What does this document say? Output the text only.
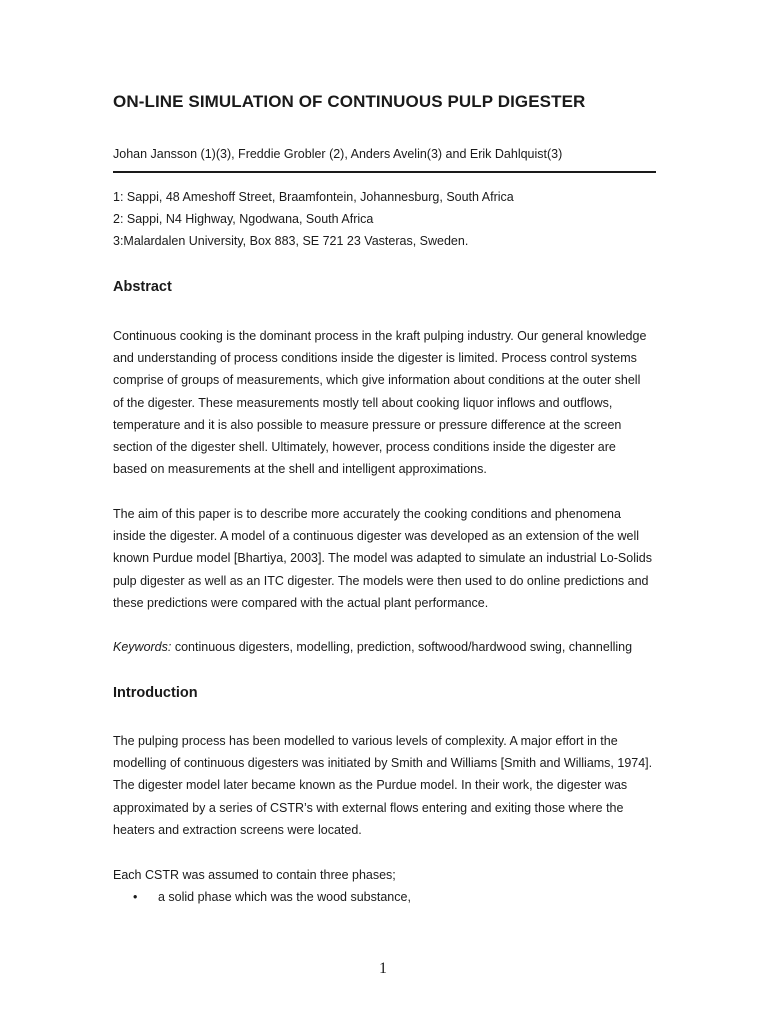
ON-LINE SIMULATION OF CONTINUOUS PULP DIGESTER
Johan Jansson (1)(3), Freddie Grobler (2), Anders Avelin(3) and Erik Dahlquist(3)
1: Sappi, 48 Ameshoff Street, Braamfontein, Johannesburg, South Africa
2: Sappi, N4 Highway, Ngodwana, South Africa
3:Malardalen University, Box 883, SE 721 23 Vasteras, Sweden.
Abstract
Continuous cooking is the dominant process in the kraft pulping industry. Our general knowledge
and understanding of process conditions inside the digester is limited. Process control systems
comprise of groups of measurements, which give information about conditions at the outer shell
of the digester. These measurements mostly tell about cooking liquor inflows and outflows,
temperature and it is also possible to measure pressure or pressure difference at the screen
section of the digester shell. Ultimately, however, process conditions inside the digester are
based on measurements at the shell and intelligent approximations.
The aim of this paper is to describe more accurately the cooking conditions and phenomena
inside the digester. A model of a continuous digester was developed as an extension of the well
known Purdue model [Bhartiya, 2003]. The model was adapted to simulate an industrial Lo-Solids
pulp digester as well as an ITC digester. The models were then used to do online predictions and
these predictions were compared with the actual plant performance.
Keywords: continuous digesters, modelling, prediction, softwood/hardwood swing, channelling
Introduction
The pulping process has been modelled to various levels of complexity. A major effort in the
modelling of continuous digesters was initiated by Smith and Williams [Smith and Williams, 1974].
The digester model later became known as the Purdue model. In their work, the digester was
approximated by a series of CSTR’s with external flows entering and exiting those where the
heaters and extraction screens were located.
Each CSTR was assumed to contain three phases;
• a solid phase which was the wood substance,
1
